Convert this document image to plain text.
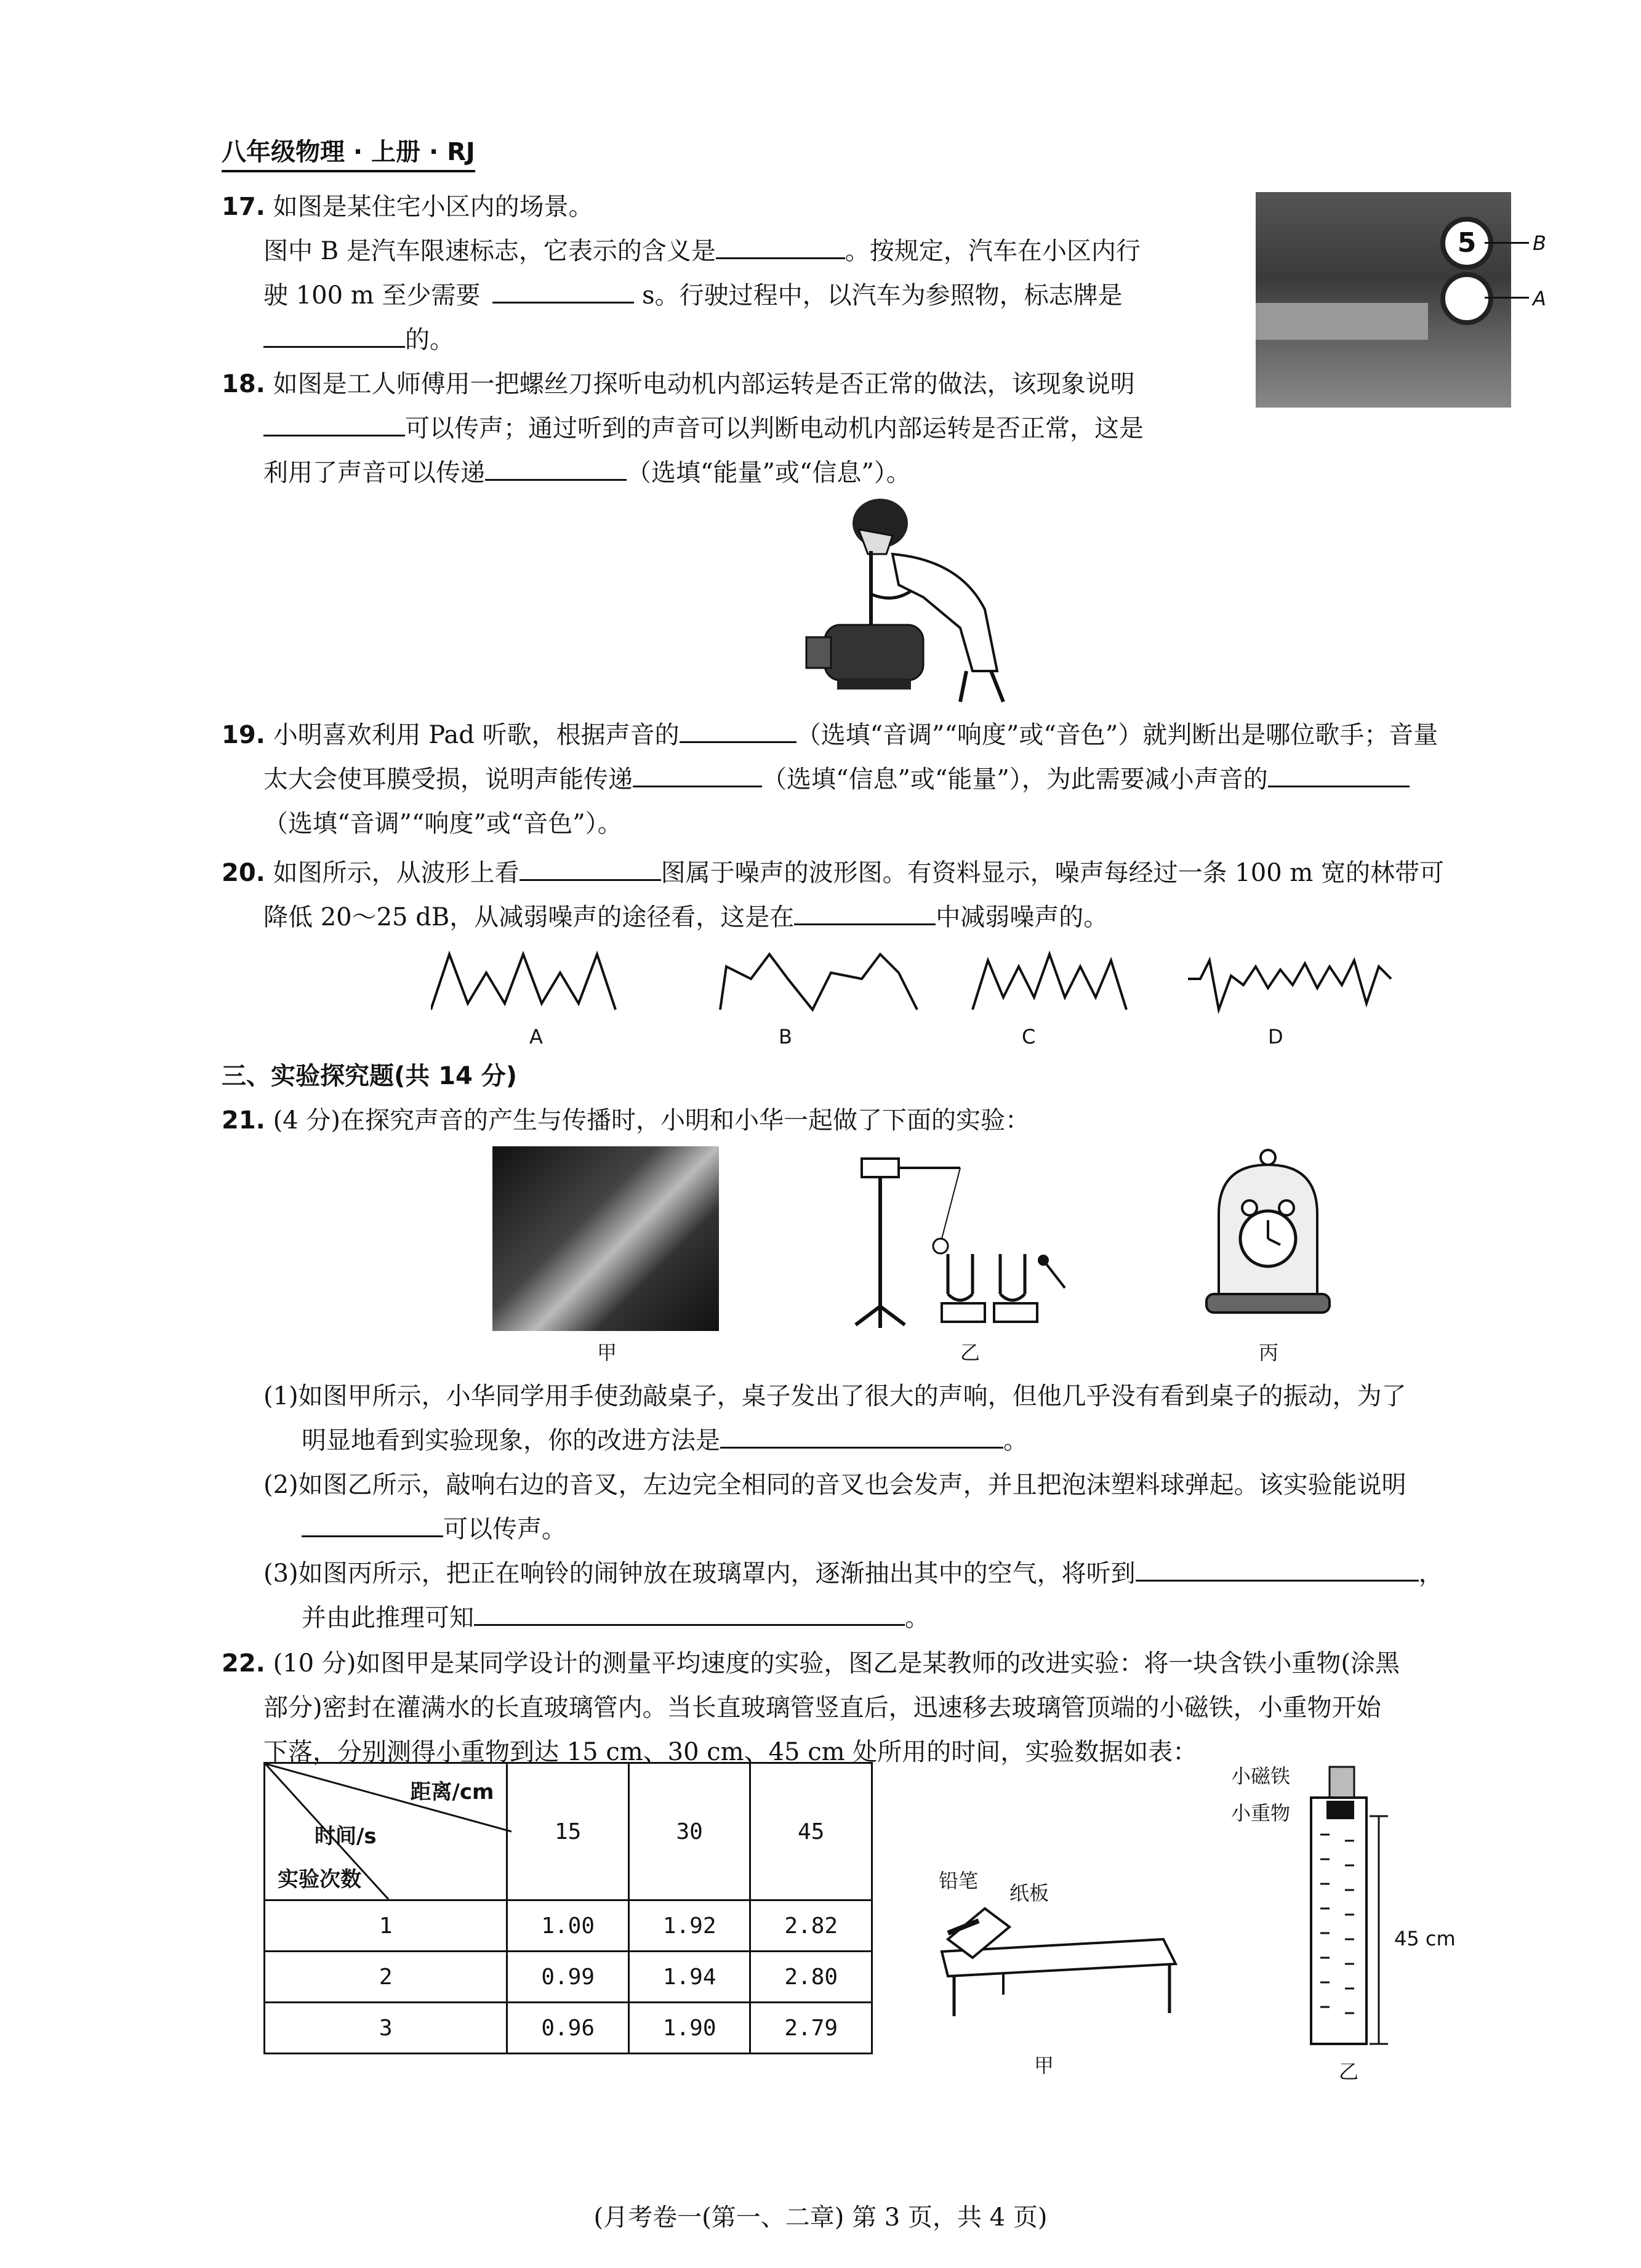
八年级物理 · 上册 · RJ
17. 如图是某住宅小区内的场景。
图中 B 是汽车限速标志，它表示的含义是	。按规定，汽车在小区内行
驶 100 m 至少需要	s。行驶过程中，以汽车为参照物，标志牌是
的。
5	B
A
18. 如图是工人师傅用一把螺丝刀探听电动机内部运转是否正常的做法，该现象说明
可以传声；通过听到的声音可以判断电动机内部运转是否正常，这是
利用了声音可以传递	（选填“能量”或“信息”）。
19. 小明喜欢利用 Pad 听歌，根据声音的	（选填“音调”“响度”或“音色”）就判断出是哪位歌手；音量
太大会使耳膜受损，说明声能传递	（选填“信息”或“能量”），为此需要减小声音的
（选填“音调”“响度”或“音色”）。
20. 如图所示，从波形上看	图属于噪声的波形图。有资料显示，噪声每经过一条 100 m 宽的林带可
降低 20～25 dB，从减弱噪声的途径看，这是在	中减弱噪声的。
A	B	C	D
三、实验探究题(共 14 分)
21. (4 分)在探究声音的产生与传播时，小明和小华一起做了下面的实验：
甲	乙	丙
(1)如图甲所示，小华同学用手使劲敲桌子，桌子发出了很大的声响，但他几乎没有看到桌子的振动，为了
明显地看到实验现象，你的改进方法是	。
(2)如图乙所示，敲响右边的音叉，左边完全相同的音叉也会发声，并且把泡沫塑料球弹起。该实验能说明
可以传声。
(3)如图丙所示，把正在响铃的闹钟放在玻璃罩内，逐渐抽出其中的空气，将听到	，
并由此推理可知	。
22. (10 分)如图甲是某同学设计的测量平均速度的实验，图乙是某教师的改进实验：将一块含铁小重物(涂黑
部分)密封在灌满水的长直玻璃管内。当长直玻璃管竖直后，迅速移去玻璃管顶端的小磁铁，小重物开始
下落，分别测得小重物到达 15 cm、30 cm、45 cm 处所用的时间，实验数据如表：
距离/cm
时间/s
实验次数	15	30	45
1	1.00	1.92	2.82
2	0.99	1.94	2.80
3	0.96	1.90	2.79
铅笔
纸板
甲
小磁铁
小重物
45 cm
乙
(月考卷一(第一、二章) 第 3 页，共 4 页)
